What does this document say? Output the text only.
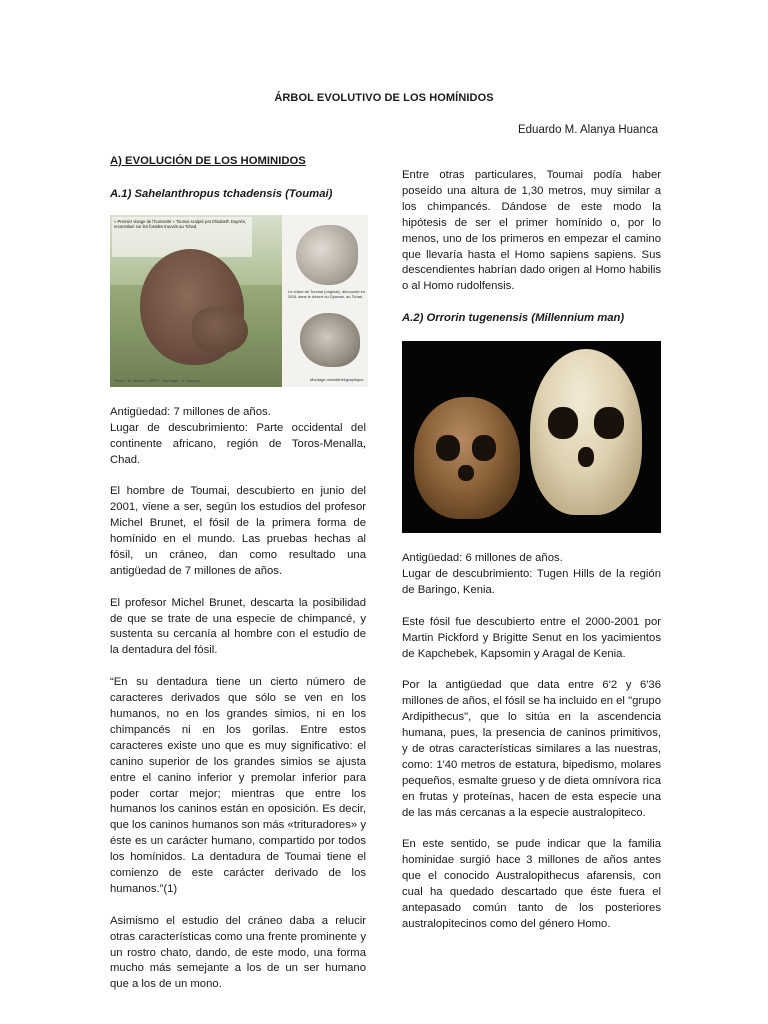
ÁRBOL EVOLUTIVO DE LOS HOMÍNIDOS
Eduardo M. Alanya Huanca
A) EVOLUCIÓN DE LOS HOMINIDOS
A.1) Sahelanthropus tchadensis (Toumai)
« Premier visage de l'humanité » Toumai sculpté par Elisabeth Daynès, reconstitué sur les fossiles trouvés au Tchad.
Le crâne de Toumai (original), découvert en 2001 dans le désert du Djourab, au Tchad
Montage ministériel/graphique
Photo : M. Brunet / MPFT · Montage : E. Daynès

Antigüedad: 7 millones de años.

Lugar de descubrimiento: Parte occidental del continente africano, región de Toros-Menalla, Chad.

El hombre de Toumai, descubierto en junio del 2001, viene a ser, según los estudios del profesor Michel Brunet, el fósil de la primera forma de homínido en el mundo. Las pruebas hechas al fósil, un cráneo, dan como resultado una antigüedad de 7 millones de años.

El profesor Michel Brunet, descarta la posibilidad de que se trate de una especie de chimpancé, y sustenta su cercanía al hombre con el estudio de la dentadura del fósil.

“En su dentadura tiene un cierto número de caracteres derivados que sólo se ven en los humanos, no en los grandes simios, ni en los chimpancés ni en los gorilas. Entre estos caracteres existe uno que es muy significativo: el canino superior de los grandes simios se ajusta entre el canino inferior y premolar inferior para poder cortar mejor; mientras que entre los humanos los caninos están en oposición. Es decir, que los caninos humanos son más «trituradores» y éste es un carácter humano, compartido por todos los homínidos. La dentadura de Toumai tiene el comienzo de este carácter derivado de los humanos.”(1)

Asimismo el estudio del cráneo daba a relucir otras características como una frente prominente y un rostro chato, dando, de este modo, una forma mucho más semejante a los de un ser humano que a los de un mono.

Entre otras particulares, Toumai podía haber poseído una altura de 1,30 metros, muy similar a los chimpancés. Dándose de este modo la hipótesis de ser el primer homínido o, por lo menos, uno de los primeros en empezar el camino que llevaría hasta el Homo sapiens sapiens. Sus descendientes habrían dado origen al Homo habilis o al Homo rudolfensis.

A.2) Orrorin tugenensis (Millennium man)

Antigüedad: 6 millones de años.

Lugar de descubrimiento: Tugen Hills de la región de Baringo, Kenia.

Este fósil fue descubierto entre el 2000-2001 por Martin Pickford y Brigitte Senut en los yacimientos de Kapchebek, Kapsomin y Aragal de Kenia.

Por la antigüedad que data entre 6'2 y 6'36 millones de años, el fósil se ha incluido en el "grupo Ardipithecus", que lo sitúa en la ascendencia humana, pues, la presencia de caninos primitivos, y de otras características similares a las nuestras, como: 1'40 metros de estatura, bipedismo, molares pequeños, esmalte grueso y de dieta omnívora rica en frutas y proteínas, hacen de esta especie una de las más cercanas a la especie australopiteco.

En este sentido, se pude indicar que la familia hominidae surgió hace 3 millones de años antes que el conocido Australopithecus afarensis, con cual ha quedado descartado que éste fuera el antepasado común tanto de los posteriores australopitecinos como del género Homo.
